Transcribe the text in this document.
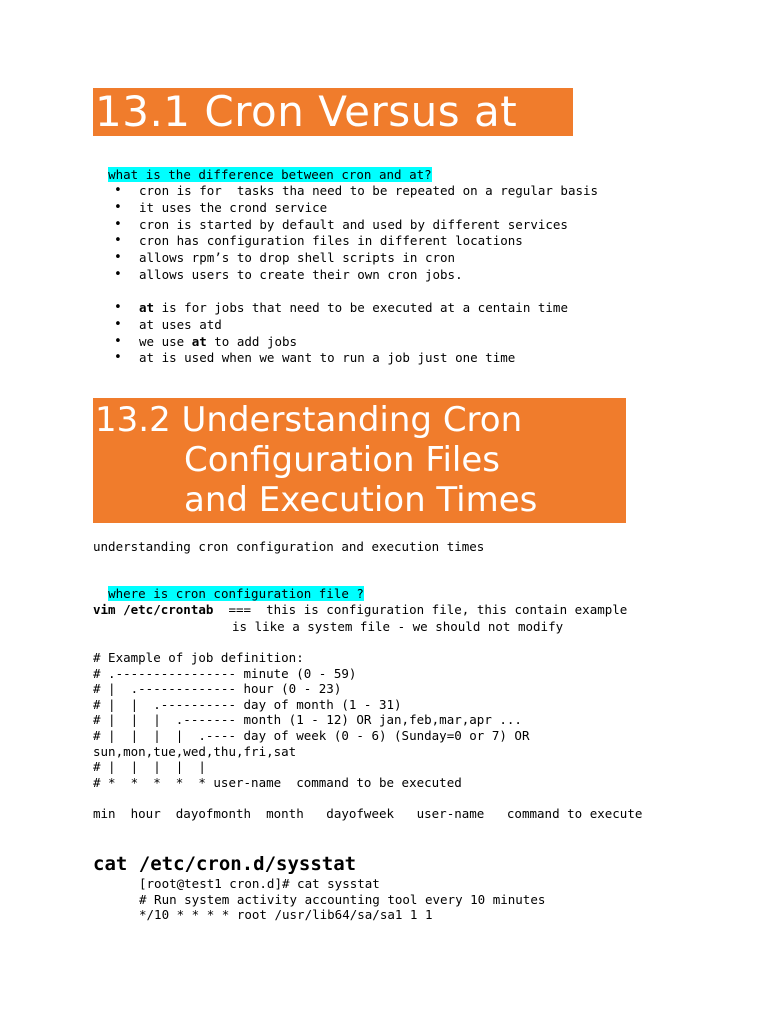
13.1 Cron Versus at

what is the difference between cron and at?

• cron is for  tasks tha need to be repeated on a regular basis
• it uses the crond service
• cron is started by default and used by different services
• cron has configuration files in different locations
• allows rpm’s to drop shell scripts in cron
• allows users to create their own cron jobs.
• at is for jobs that need to be executed at a centain time
• at uses atd
• we use at to add jobs
• at is used when we want to run a job just one time
13.2 Understanding Cron
Configuration Files
and Execution Times
understanding cron configuration and execution times

where is cron configuration file ?

vim /etc/crontab  ===  this is configuration file, this contain example
is like a system file - we should not modify
# Example of job definition:
# .---------------- minute (0 - 59)
# |  .------------- hour (0 - 23)
# |  |  .---------- day of month (1 - 31)
# |  |  |  .------- month (1 - 12) OR jan,feb,mar,apr ...
# |  |  |  |  .---- day of week (0 - 6) (Sunday=0 or 7) OR
sun,mon,tue,wed,thu,fri,sat
# |  |  |  |  |
# *  *  *  *  * user-name  command to be executed
min  hour  dayofmonth  month   dayofweek   user-name   command to execute
cat /etc/cron.d/sysstat
[root@test1 cron.d]# cat sysstat
# Run system activity accounting tool every 10 minutes
*/10 * * * * root /usr/lib64/sa/sa1 1 1
